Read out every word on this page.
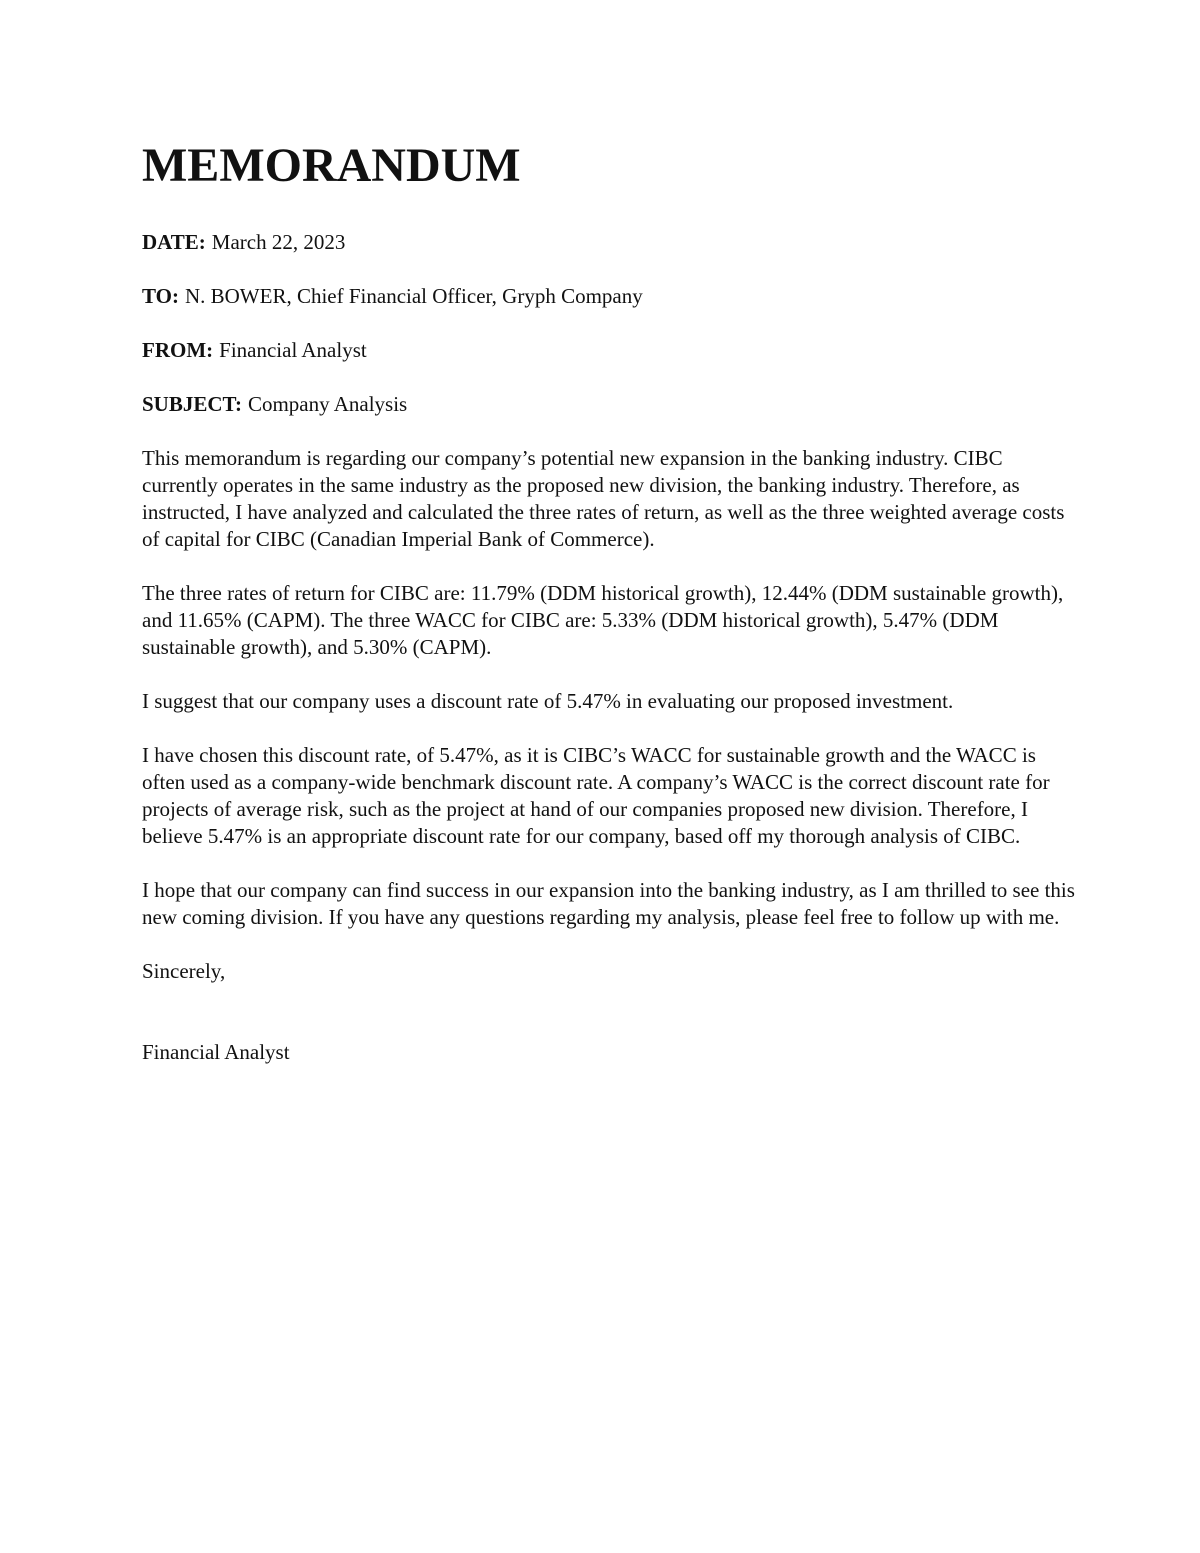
MEMORANDUM
DATE: March 22, 2023
TO: N. BOWER, Chief Financial Officer, Gryph Company
FROM: Financial Analyst
SUBJECT: Company Analysis

This memorandum is regarding our company’s potential new expansion in the banking industry. CIBC currently operates in the same industry as the proposed new division, the banking industry. Therefore, as instructed, I have analyzed and calculated the three rates of return, as well as the three weighted average costs of capital for CIBC (Canadian Imperial Bank of Commerce).

The three rates of return for CIBC are: 11.79% (DDM historical growth), 12.44% (DDM sustainable growth), and 11.65% (CAPM). The three WACC for CIBC are: 5.33% (DDM historical growth), 5.47% (DDM sustainable growth), and 5.30% (CAPM).

I suggest that our company uses a discount rate of 5.47% in evaluating our proposed investment.

I have chosen this discount rate, of 5.47%, as it is CIBC’s WACC for sustainable growth and the WACC is often used as a company-wide benchmark discount rate. A company’s WACC is the correct discount rate for projects of average risk, such as the project at hand of our companies proposed new division. Therefore, I believe 5.47% is an appropriate discount rate for our company, based off my thorough analysis of CIBC.

I hope that our company can find success in our expansion into the banking industry, as I am thrilled to see this new coming division. If you have any questions regarding my analysis, please feel free to follow up with me.

Sincerely,

Financial Analyst
